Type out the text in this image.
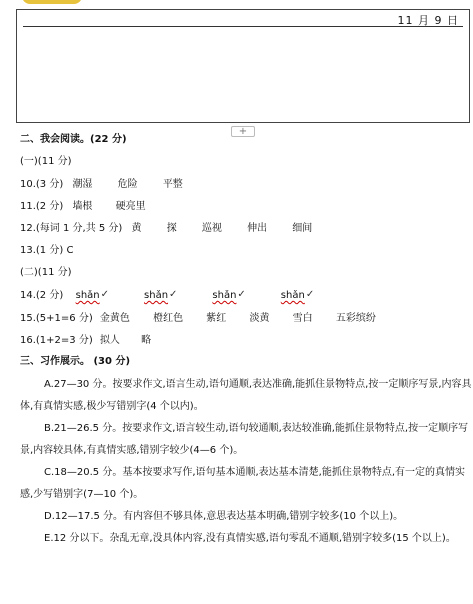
11 月 9 日
+
二、我会阅读。(22 分)
(一)(11 分)
10.(3 分) 潮湿	危险	平整
11.(2 分) 墙根 硬亮里
12.(每词 1 分,共 5 分) 黄	探	巡视	伸出	细间
13.(1 分) C
(二)(11 分)
14.(2 分) shǎn ✓	shǎn ✓	shǎn ✓	shǎn✓
15.(5+1=6 分) 金黄色 橙红色 紫红 淡黄 雪白 五彩缤纷
16.(1+2=3 分) 拟人 略
三、习作展示。 (30 分)
A.27—30 分。按要求作文,语言生动,语句通顺,表达准确,能抓住景物特点,按一定顺序写景,内容具体,有真情实感,极少写错别字(4 个以内)。
B.21—26.5 分。按要求作文,语言较生动,语句较通顺,表达较准确,能抓住景物特点,按一定顺序写景,内容较具体,有真情实感,错别字较少(4—6 个)。
C.18—20.5 分。基本按要求写作,语句基本通顺,表达基本清楚,能抓住景物特点,有一定的真情实感,少写错别字(7—10 个)。
D.12—17.5 分。有内容但不够具体,意思表达基本明确,错别字较多(10 个以上)。
E.12 分以下。杂乱无章,没具体内容,没有真情实感,语句零乱不通顺,错别字较多(15 个以上)。
